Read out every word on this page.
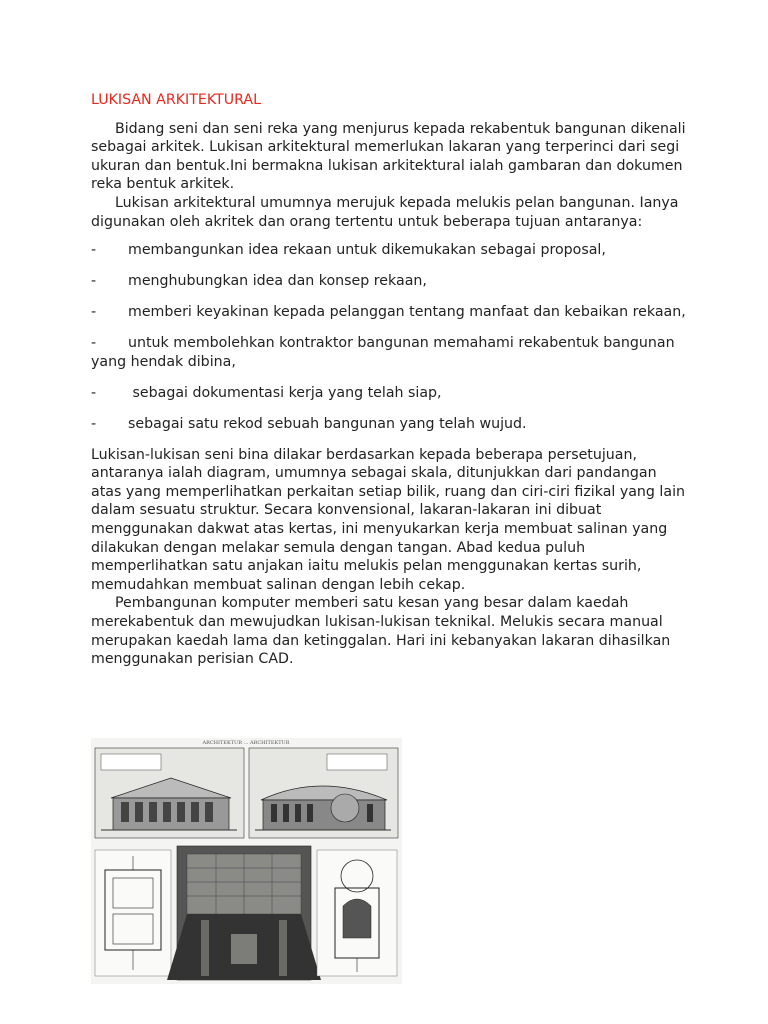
LUKISAN ARKITEKTURAL

Bidang seni dan seni reka yang menjurus kepada rekabentuk bangunan dikenali sebagai arkitek. Lukisan arkitektural memerlukan lakaran yang terperinci dari segi ukuran dan bentuk.Ini bermakna lukisan arkitektural ialah gambaran dan dokumen reka bentuk arkitek.

Lukisan arkitektural umumnya merujuk kepada melukis pelan bangunan. Ianya digunakan oleh akritek dan orang tertentu untuk beberapa tujuan antaranya:

- membangunkan idea rekaan untuk dikemukakan sebagai proposal,
- menghubungkan idea dan konsep rekaan,
- memberi keyakinan kepada pelanggan tentang manfaat dan kebaikan rekaan,
- untuk membolehkan kontraktor bangunan memahami rekabentuk bangunan yang hendak dibina,
- sebagai dokumentasi kerja yang telah siap,
- sebagai satu rekod sebuah bangunan yang telah wujud.

Lukisan-lukisan seni bina dilakar berdasarkan kepada beberapa persetujuan, antaranya ialah diagram, umumnya sebagai skala, ditunjukkan dari pandangan atas yang memperlihatkan perkaitan setiap bilik, ruang dan ciri-ciri fizikal yang lain dalam sesuatu struktur. Secara konvensional, lakaran-lakaran ini dibuat menggunakan dakwat atas kertas, ini menyukarkan kerja membuat salinan yang dilakukan dengan melakar semula dengan tangan. Abad kedua puluh memperlihatkan satu anjakan iaitu melukis pelan menggunakan kertas surih, memudahkan membuat salinan dengan lebih cekap.

Pembangunan komputer memberi satu kesan yang besar dalam kaedah merekabentuk dan mewujudkan lukisan-lukisan teknikal. Melukis secara manual merupakan kaedah lama dan ketinggalan. Hari ini kebanyakan lakaran dihasilkan menggunakan perisian CAD.

ARCHITEKTUR ... ARCHITEKTUR
